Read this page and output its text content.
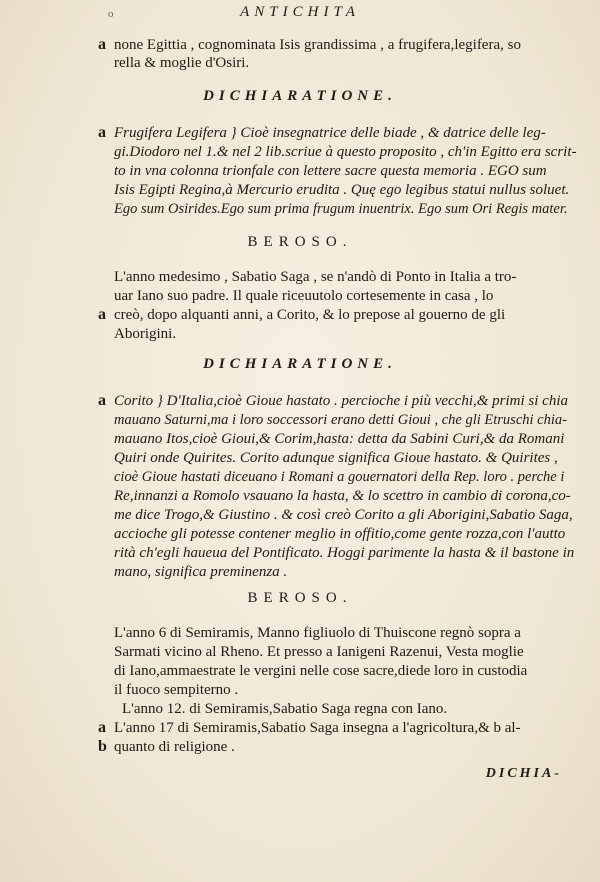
o	ANTICHITA
a none Egittia , cognominata Isis grandissima , a frugifera,legifera, so
rella & moglie d'Osiri.
DICHIARATIONE.
a Frugifera Legifera } Cioè insegnatrice delle biade , & datrice delle leg-
gi.Diodoro nel 1.& nel 2 lib.scriue à questo proposito , ch'in Egitto era scrit-
to in vna colonna trionfale con lettere sacre questa memoria . EGO sum
Isis Egipti Regina,à Mercurio erudita . Quę ego legibus statui nullus soluet.
Ego sum Osirides.Ego sum prima frugum inuentrix. Ego sum Ori Regis mater.
BEROSO.
L'anno medesimo , Sabatio Saga , se n'andò di Ponto in Italia a tro-
uar Iano suo padre. Il quale riceuutolo cortesemente in casa , lo
a creò, dopo alquanti anni, a Corito, & lo prepose al gouerno de gli
Aborigini.
DICHIARATIONE.
a Corito } D'Italia,cioè Gioue hastato . percioche i più vecchi,& primi si chia
mauano Saturni,ma i loro soccessori erano detti Gioui , che gli Etruschi chia-
mauano Itos,cioè Gioui,& Corim,hasta: detta da Sabini Curi,& da Romani
Quiri onde Quirites. Corito adunque significa Gioue hastato. & Quirites ,
cioè Gioue hastati diceuano i Romani a gouernatori della Rep. loro . perche i
Re,innanzi a Romolo vsauano la hasta, & lo scettro in cambio di corona,co-
me dice Trogo,& Giustino . & così creò Corito a gli Aborigini,Sabatio Saga,
accioche gli potesse contener meglio in offitio,come gente rozza,con l'autto
rità ch'egli haueua del Pontificato. Hoggi parimente la hasta & il bastone in
mano, significa preminenza .
BEROSO.
L'anno 6 di Semiramis, Manno figliuolo di Thuiscone regnò sopra a
Sarmati vicino al Rheno. Et presso a Ianigeni Razenui, Vesta moglie
di Iano,ammaestrate le vergini nelle cose sacre,diede loro in custodia
il fuoco sempiterno .
L'anno 12. di Semiramis,Sabatio Saga regna con Iano.
a L'anno 17 di Semiramis,Sabatio Saga insegna a l'agricoltura,& b al-
b quanto di religione .
DICHIA-
